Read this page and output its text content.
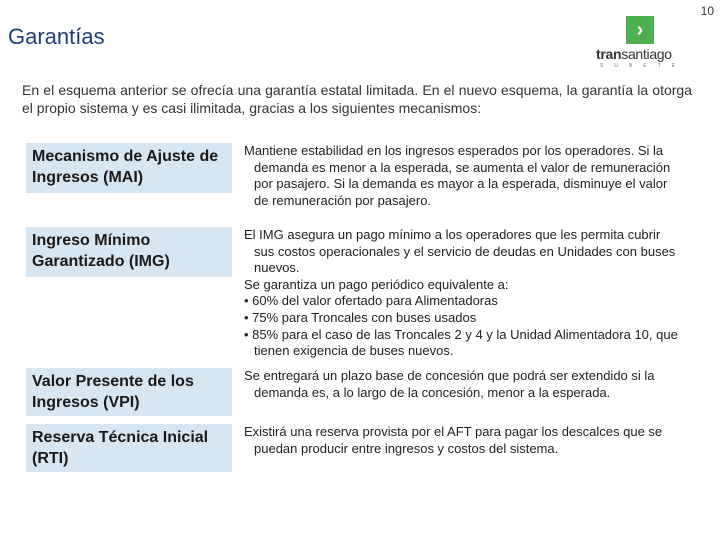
10
Garantías	›
transantiago
SUBETE
En el esquema anterior se ofrecía una garantía estatal limitada. En el nuevo esquema, la garantía la otorga el propio sistema y es casi ilimitada, gracias a los siguientes mecanismos:
Mecanismo de Ajuste de Ingresos (MAI)

Mantiene estabilidad en los ingresos esperados por los operadores. Si la demanda es menor a la esperada, se aumenta el valor de remuneración por pasajero. Si la demanda es mayor a la esperada, disminuye el valor de remuneración por pasajero.

Ingreso Mínimo Garantizado (IMG)

El IMG asegura un pago mínimo a los operadores que les permita cubrir sus costos operacionales y el servicio de deudas en Unidades con buses nuevos.

Se garantiza un pago periódico equivalente a:

• 60% del valor ofertado para Alimentadoras

• 75% para Troncales con buses usados

• 85% para el caso de las Troncales 2 y 4 y la Unidad Alimentadora 10, que tienen exigencia de buses nuevos.

Valor Presente de los Ingresos (VPI)

Se entregará un plazo base de concesión que podrá ser extendido si la demanda es, a lo largo de la concesión, menor a la esperada.

Reserva Técnica Inicial (RTI)

Existirá una reserva provista por el AFT para pagar los descalces que se puedan producir entre ingresos y costos del sistema.
